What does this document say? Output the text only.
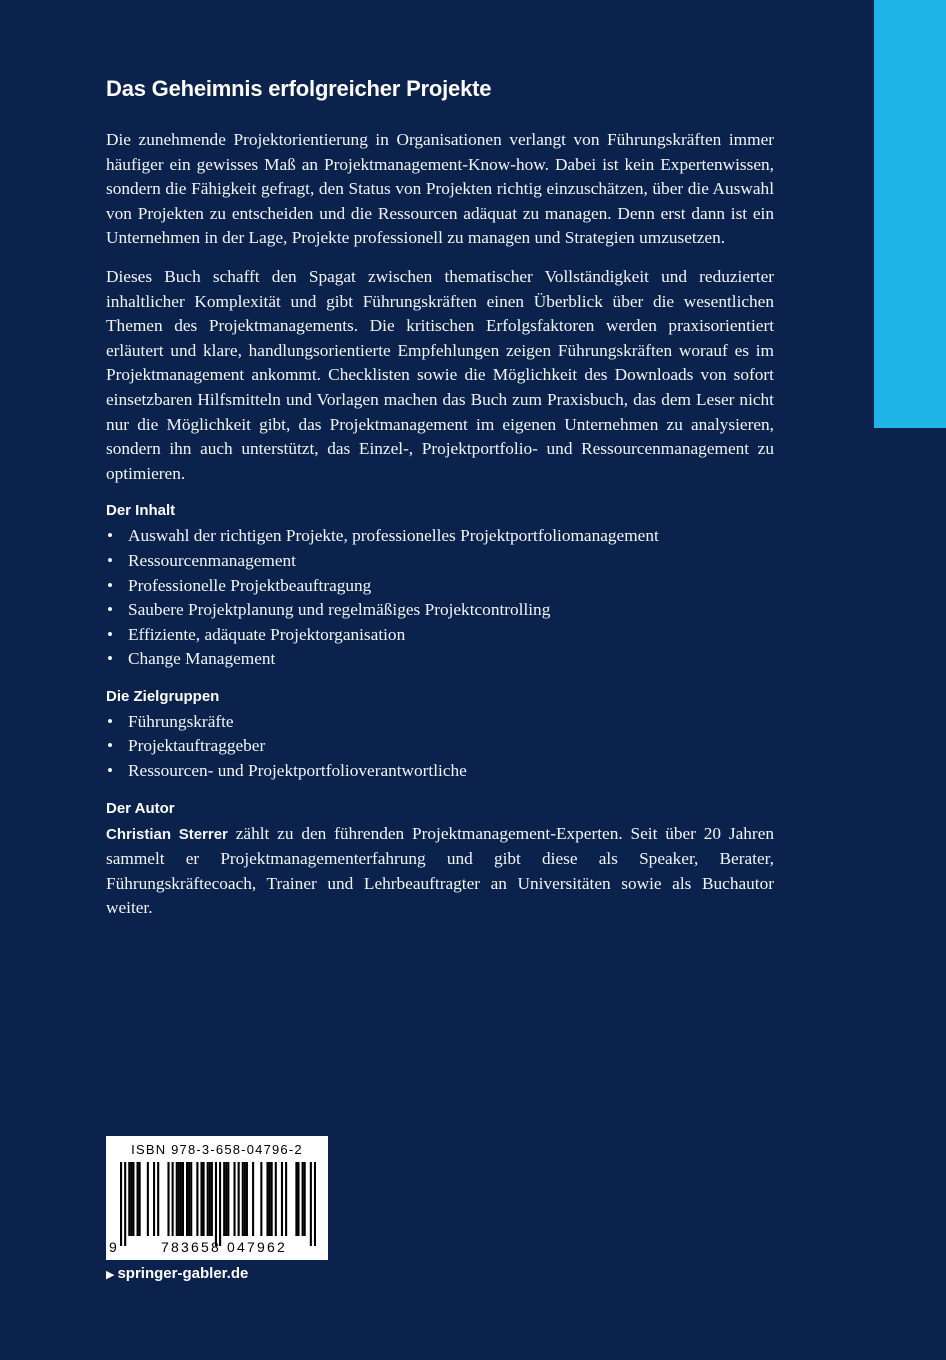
Das Geheimnis erfolgreicher Projekte

Die zunehmende Projektorientierung in Organisationen verlangt von Führungskräften immer häufiger ein gewisses Maß an Projektmanagement-Know-how. Dabei ist kein Expertenwissen, sondern die Fähigkeit gefragt, den Status von Projekten richtig einzuschätzen, über die Auswahl von Projekten zu entscheiden und die Ressourcen adäquat zu managen. Denn erst dann ist ein Unternehmen in der Lage, Projekte professionell zu managen und Strategien umzusetzen.

Dieses Buch schafft den Spagat zwischen thematischer Vollständigkeit und reduzierter inhaltlicher Komplexität und gibt Führungskräften einen Überblick über die wesentlichen Themen des Projektmanagements. Die kritischen Erfolgsfaktoren werden praxisorientiert erläutert und klare, handlungsorientierte Empfehlungen zeigen Führungskräften worauf es im Projektmanagement ankommt. Checklisten sowie die Möglichkeit des Downloads von sofort einsetzbaren Hilfsmitteln und Vorlagen machen das Buch zum Praxisbuch, das dem Leser nicht nur die Möglichkeit gibt, das Projektmanagement im eigenen Unternehmen zu analysieren, sondern ihn auch unterstützt, das Einzel-, Projektportfolio- und Ressourcenmanagement zu optimieren.

Der Inhalt
• Auswahl der richtigen Projekte, professionelles Projektportfoliomanagement
• Ressourcenmanagement
• Professionelle Projektbeauftragung
• Saubere Projektplanung und regelmäßiges Projektcontrolling
• Effiziente, adäquate Projektorganisation
• Change Management
Die Zielgruppen
• Führungskräfte
• Projektauftraggeber
• Ressourcen- und Projektportfolioverantwortliche
Der Autor

Christian Sterrer zählt zu den führenden Projektmanagement-Experten. Seit über 20 Jahren sammelt er Projektmanagementerfahrung und gibt diese als Speaker, Berater, Führungskräftecoach, Trainer und Lehrbeauftragter an Universitäten sowie als Buchautor weiter.

ISBN 978-3-658-04796-2
9	783658 047962
▶ springer-gabler.de
